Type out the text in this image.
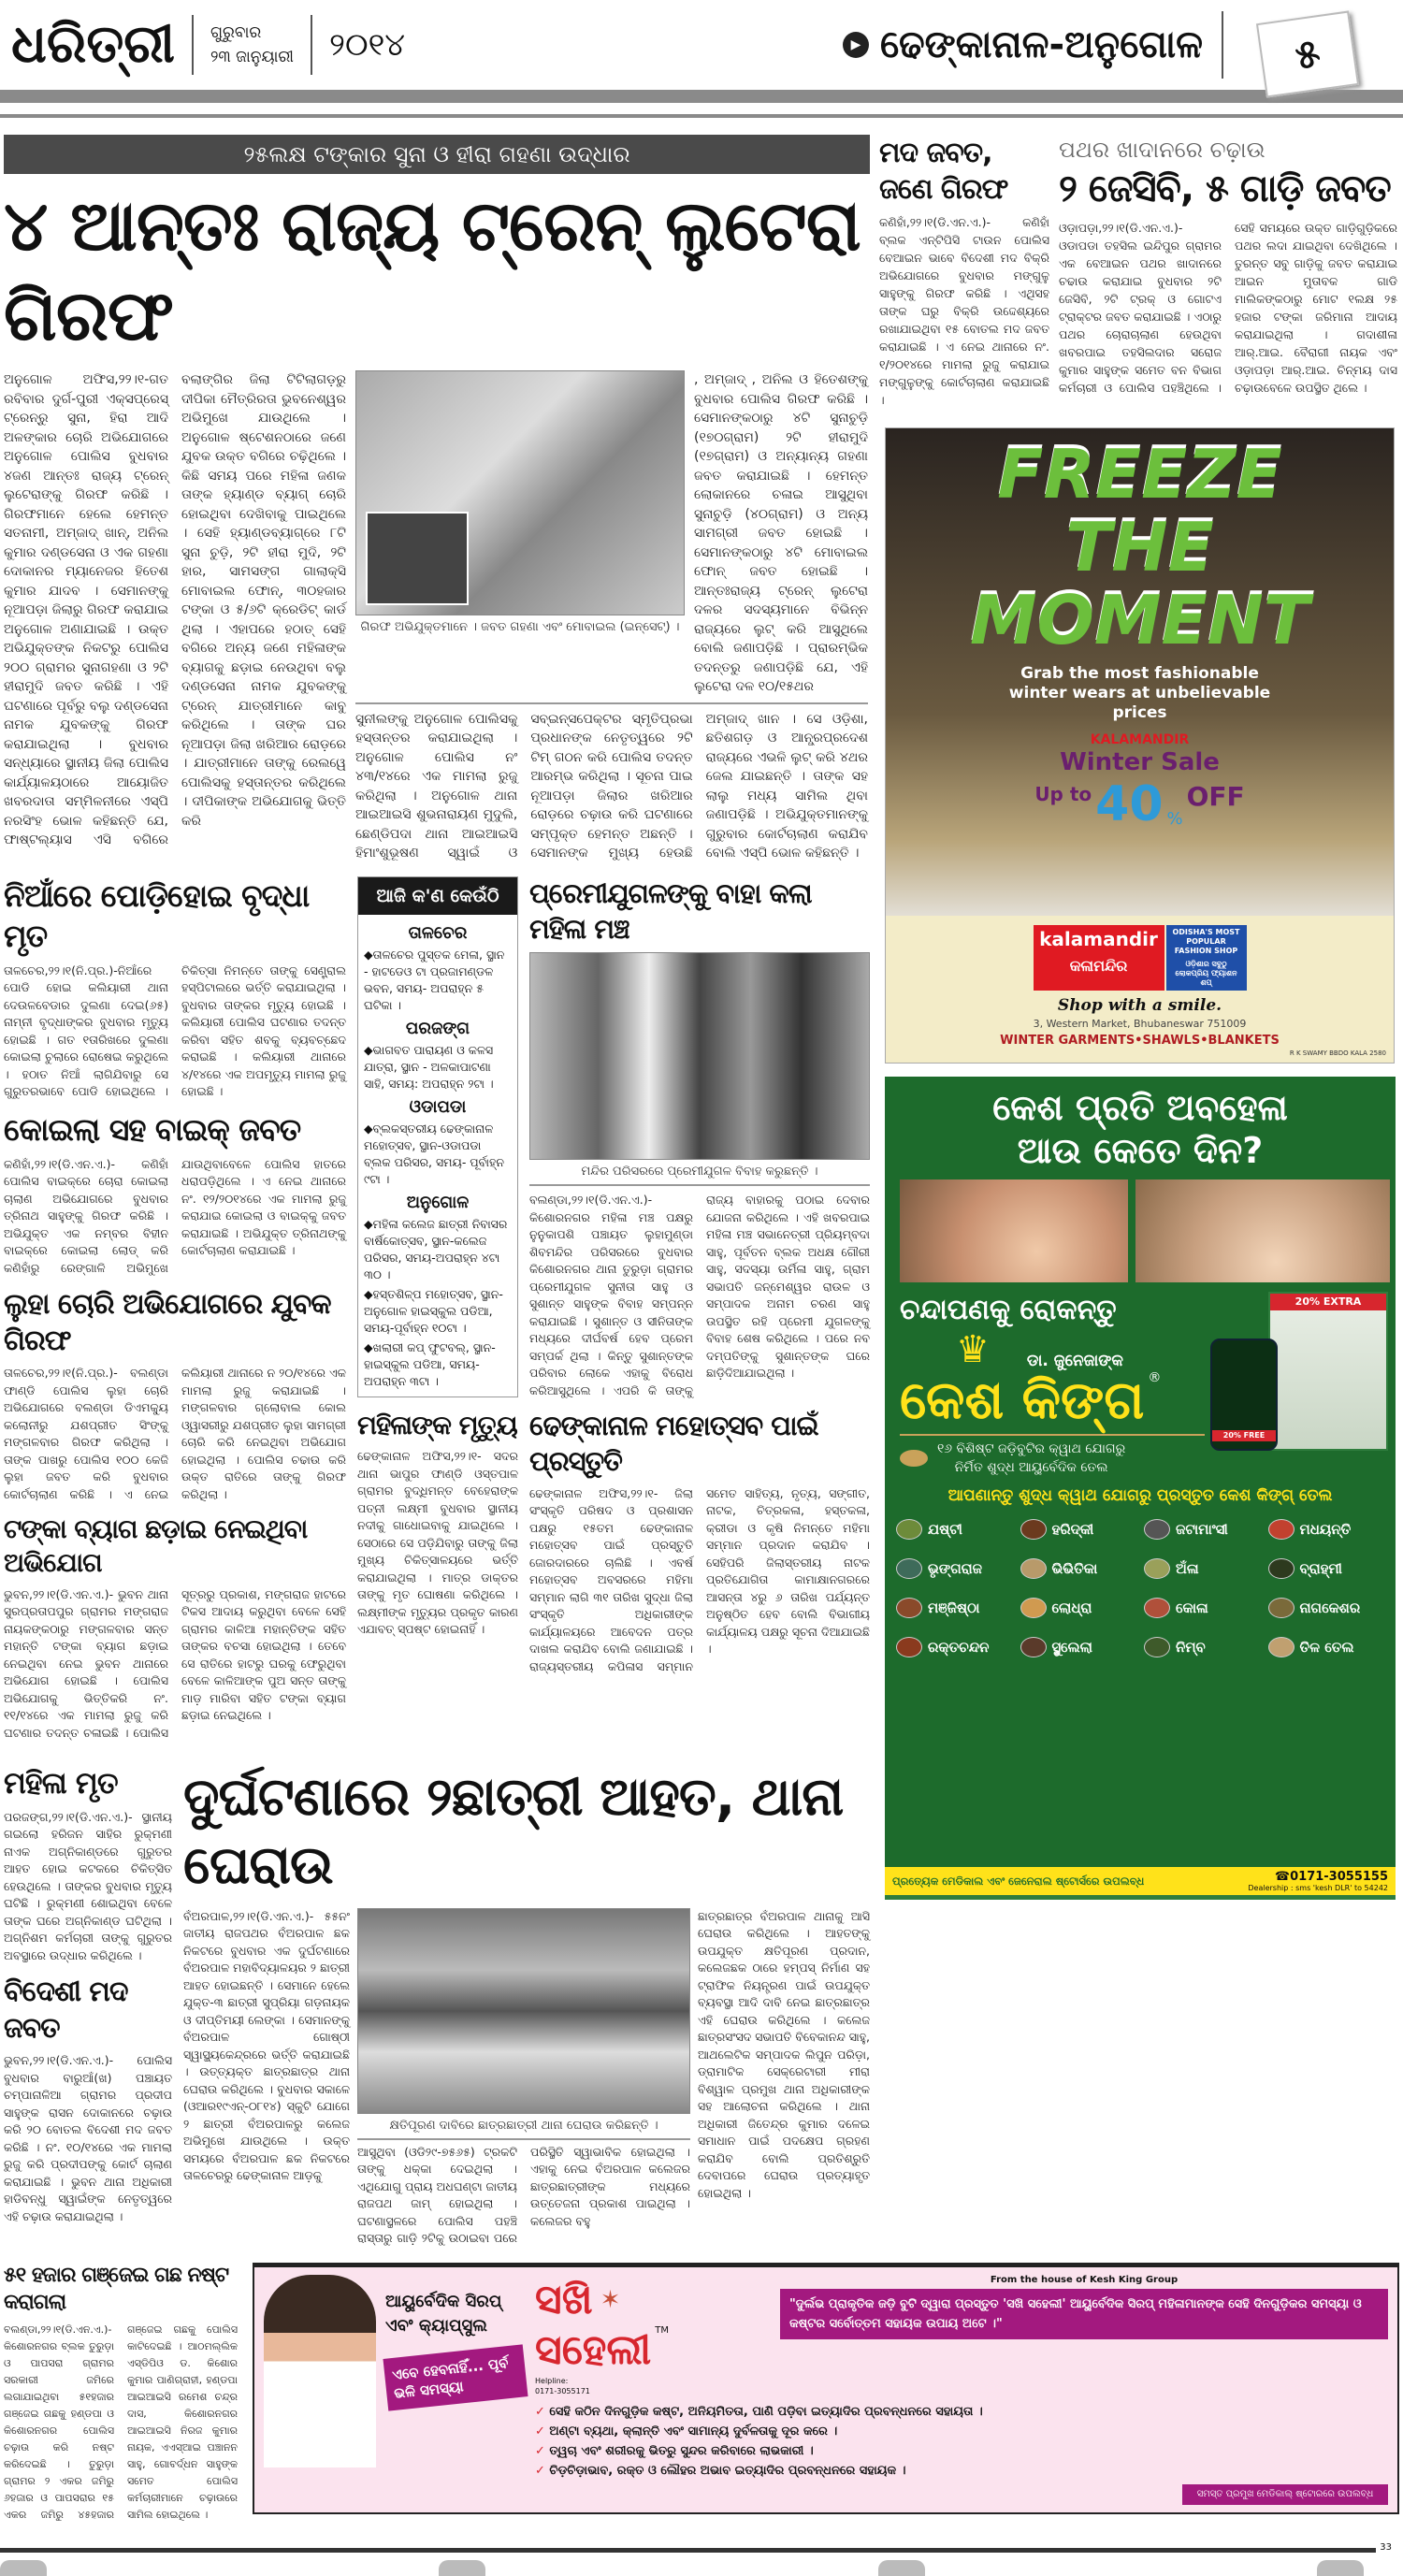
ଧରିତ୍ରୀ ଗୁରୁବାର
୨୩ ଜାନୁୟାରୀ ୨୦୧୪	▶ ଢେଙ୍କାନାଳ-ଅନୁଗୋଳ	୫
୨୫ଲକ୍ଷ ଟଙ୍କାର ସୁନା ଓ ହୀରା ଗହଣା ଉଦ୍ଧାର
୪ ଆନ୍ତଃ ରାଜ୍ୟ ଟ୍ରେନ୍ ଲୁଟେରା ଗିରଫ
ଅନୁଗୋଳ ଅଫିସ,୨୨।୧-ଗତ ରବିବାର ଦୁର୍ଗ-ପୁରୀ ଏକ୍ସପ୍ରେସ୍ ଟ୍ରେନ୍‌ରୁ ସୁନା, ହିରା ଆଦି ଅଳଙ୍କାର ଚୋରି ଅଭିଯୋଗରେ ଅନୁଗୋଳ ପୋଲିସ ବୁଧବାର ୪ଜଣ ଆନ୍ତଃ ରାଜ୍ୟ ଟ୍ରେନ୍ ଲୁଟେରାଙ୍କୁ ଗିରଫ କରିଛି । ଗିରଫମାନେ ହେଲେ ହେମନ୍ତ ସତନାମୀ, ଅମ୍‌ଜାଦ୍ ଖାନ୍, ଅନିଲ କୁମାର ଦଣ୍ଡସେନା ଓ ଏକ ଗହଣା ଦୋକାନର ମ୍ୟାନେଜର ହିତେଶ କୁମାର ଯାଦବ । ସେମାନଙ୍କୁ ନୂଆପଡ଼ା ଜିଲାରୁ ଗିରଫ କରାଯାଇ ଅନୁଗୋଳ ଅଣାଯାଇଛି । ଉକ୍ତ ଅଭିଯୁକ୍ତଙ୍କ ନିକଟରୁ ପୋଲିସ ୨୦୦ ଗ୍ରାମର ସୁନାଗହଣା ଓ ୨ଟି ହୀରାମୁଦି ଜବତ କରିଛି । ଏହି ଘଟଣାରେ ପୂର୍ବରୁ ବଲୁ ଦଣ୍ଡସେନା ନାମକ ଯୁବକଙ୍କୁ ଗିରଫ କରାଯାଇଥିଲା । ବୁଧବାର ସନ୍ଧ୍ୟାରେ ସ୍ଥାନୀୟ ଜିଲା ପୋଲିସ କାର୍ଯ୍ୟାଳୟଠାରେ ଆୟୋଜିତ ଖବରଦାତା ସମ୍ମିଳନୀରେ ଏସ୍‌ପି ନରସିଂହ ଭୋଳ କହିଛନ୍ତି ଯେ, ଫାଷ୍ଟଲ୍ୟାସ ଏସି ବଗିରେ ବଲାଙ୍ଗିର ଜିଲା ଟିଟିଲାଗଡ଼ରୁ ଦୀପିକା ମୈତ୍ରିରତା ଭୁବନେଶ୍ୱର ଅଭିମୁଖେ ଯାଉଥିଲେ । ଅନୁଗୋଳ ଷ୍ଟେଶନଠାରେ ଜଣେ ଯୁବକ ଉକ୍ତ ବଗିରେ ଚଢ଼ିଥିଲେ । କିଛି ସମୟ ପରେ ମହିଳା ଜଣକ ତାଙ୍କ ହ୍ୟାଣ୍ଡ ବ୍ୟାଗ୍ ଚୋରି ହୋଇଥିବା ଦେଖିବାକୁ ପାଇଥିଲେ । ସେହି ହ୍ୟାଣ୍ଡବ୍ୟାଗ୍‌ରେ ୮ଟି ସୁନା ଚୁଡ଼ି, ୨ଟି ହୀରା ମୁଦି, ୨ଟି ହାର, ସାମସଙ୍ଗ ଗାଲାକ୍ସି ମୋବାଇଲ ଫୋନ୍, ୩୦ହଜାର ଟଙ୍କା ଓ ୫/୬ଟି କ୍ରେଡିଟ୍ କାର୍ଡ ଥିଲା । ଏହାପରେ ହଠାତ୍ ସେହି ବଗିରେ ଅନ୍ୟ ଜଣେ ମହିଳାଙ୍କ ବ୍ୟାଗକୁ ଛଡ଼ାଇ ନେଉଥିବା ବଲୁ ଦଣ୍ଡସେନା ନାମକ ଯୁବକଙ୍କୁ ଟ୍ରେନ୍ ଯାତ୍ରୀମାନେ କାବୁ କରିଥିଲେ । ତାଙ୍କ ଘର ନୂଆପଡ଼ା ଜିଲା ଖରିଆର ରୋଡ଼ରେ । ଯାତ୍ରୀମାନେ ତାଙ୍କୁ ରେଲୱେ ପୋଲିସକୁ ହସ୍ତାନ୍ତର କରିଥିଲେ । ଦୀପିକାଙ୍କ ଅଭିଯୋଗକୁ ଭିତ୍ତି କରି
ଗିରଫ ଅଭିଯୁକ୍ତମାନେ । ଜବତ ଗହଣା ଏବଂ ମୋବାଇଲ (ଇନ୍‌ସେଟ୍) ।
, ଅମ୍‌ଜାଦ୍ , ଅନିଲ ଓ ହିତେଶଙ୍କୁ ବୁଧବାର ପୋଲିସ ଗିରଫ କରିଛି । ସେମାନଙ୍କଠାରୁ ୪ଟି ସୁନାଚୁଡ଼ି (୧୭୦ଗ୍ରାମ) ୨ଟି ହୀରାମୁଦି (୧୭ଗ୍ରାମ) ଓ ଅନ୍ୟାନ୍ୟ ଗହଣା ଜବତ କରାଯାଇଛି । ହେମନ୍ତ ଲୋକାନରେ ଚଳାଇ ଆସୁଥିବା ସୁନାଚୁଡ଼ି (୪୦ଗ୍ରାମ) ଓ ଅନ୍ୟ ସାମଗ୍ରୀ ଜବତ ହୋଇଛି । ସେମାନଙ୍କଠାରୁ ୪ଟି ମୋବାଇଲ ଫୋନ୍ ଜବତ ହୋଇଛି । ଆନ୍ତଃରାଜ୍ୟ ଟ୍ରେନ୍ ଲୁଟେରା ଦଳର ସଦସ୍ୟମାନେ ବିଭିନ୍ନ ରାଜ୍ୟରେ ଲୁଟ୍ କରି ଆସୁଥିଲେ ବୋଲି ଜଣାପଡ଼ିଛି । ପ୍ରାରମ୍ଭିକ ତଦନ୍ତରୁ ଜଣାପଡ଼ିଛି ଯେ, ଏହି ଲୁଟେରା ଦଳ ୧୦/୧୫ଥର
ସୁନୀଲଙ୍କୁ ଅନୁଗୋଳ ପୋଲିସକୁ ହସ୍ତାନ୍ତର କରାଯାଇଥିଲା । ଅନୁଗୋଳ ପୋଲିସ ନଂ ୪୩/୧୪ରେ ଏକ ମାମଲା ରୁଜୁ କରିଥିଲା । ଅନୁଗୋଳ ଥାନା ଆଇଆଇସି ଶୁଭନାରାୟଣ ମୁଦୁଲି, ଛେଣ୍ଡିପଦା ଥାନା ଆଇଆଇସି ହିମାଂଶୁଭୂଷଣ ସ୍ୱାଇଁ ଓ ସବ୍‌ଇନ୍ସପେକ୍ଟର ସ୍ମୃତିପ୍ରଭା ପ୍ରଧାନଙ୍କ ନେତୃତ୍ୱରେ ୨ଟି ଟିମ୍ ଗଠନ କରି ପୋଲିସ ତଦନ୍ତ ଆରମ୍ଭ କରିଥିଲା । ସୂଚନା ପାଇ ନୂଆପଡ଼ା ଜିଲାର ଖରିଆର ରୋଡ଼ରେ ଚଢ଼ାଉ କରି ଘଟଣାରେ ସମ୍ପୃକ୍ତ ହେମନ୍ତ ଅଛନ୍ତି । ସେମାନଙ୍କ ମୁଖ୍ୟ ହେଉଛି ଅମ୍‌ଜାଦ୍ ଖାନ । ସେ ଓଡ଼ିଶା, ଛତିଶଗଡ଼ ଓ ଆନ୍ଧ୍ରପ୍ରଦେଶ ରାଜ୍ୟରେ ଏଭଳି ଲୁଟ୍ କରି ୪ଥର ଜେଲ ଯାଇଛନ୍ତି । ତାଙ୍କ ସହ ଲାଲୁ ମଧ୍ୟ ସାମିଲ ଥିବା ଜଣାପଡ଼ିଛି । ଅଭିଯୁକ୍ତମାନଙ୍କୁ ଗୁରୁବାର କୋର୍ଟଚାଲାଣ କରାଯିବ ବୋଲି ଏସ୍‌ପି ଭୋଳ କହିଛନ୍ତି ।
ନିଆଁରେ ପୋଡ଼ିହୋଇ ବୃଦ୍ଧା ମୃତ
ତାଳଚେର,୨୨।୧(ନି.ପ୍ର.)-ନିଆଁରେ ପୋଡି ହୋଇ କଲିୟାରୀ ଥାନା ଦେଉଳବେଡାର ଦୁଲଣା ଦେଇ(୬୫) ନାମ୍ନୀ ବୃଦ୍ଧାଙ୍କର ବୁଧବାର ମୃତ୍ୟୁ ହୋଇଛି । ଗତ ୧ତାରିଖରେ ଦୁଲଣା କୋଇଲା ଚୁଲାରେ ରୋଷେଇ କରୁଥିଲେ । ହଠାତ ନିଆଁ ଲାଗିଯିବାରୁ ସେ ଗୁରୁତରଭାବେ ପୋଡି ହୋଇଥିଲେ । ଚିକିତ୍ସା ନିମନ୍ତେ ତାଙ୍କୁ ସେଣ୍ଟ୍ରାଲ ହସ୍ପିଟାଲରେ ଭର୍ତ୍ତି କରାଯାଇଥିଲା । ବୁଧବାର ତାଙ୍କର ମୃତ୍ୟୁ ହୋଇଛି । କଲିୟାରୀ ପୋଲିସ ଘଟଣାର ତଦନ୍ତ କରିବା ସହିତ ଶବକୁ ବ୍ୟବଚ୍ଛେଦ କରାଇଛି । କଲିୟାରୀ ଥାନାରେ ୪/୧୪ରେ ଏକ ଅପମୃତ୍ୟୁ ମାମଲା ରୁଜୁ ହୋଇଛି ।
କୋଇଲା ସହ ବାଇକ୍ ଜବତ
କଣିହାଁ,୨୨।୧(ଡି.ଏନ.ଏ.)- କଣିହାଁ ପୋଲିସ ବାଇକ୍‌ରେ ଚୋରା କୋଇଲା ଚାଲାଣ ଅଭିଯୋଗରେ ବୁଧବାର ତ୍ରିନାଥ ସାହୁଙ୍କୁ ଗିରଫ କରିଛି । ଅଭିଯୁକ୍ତ ଏକ ନମ୍ବର ବିହୀନ ବାଇକ୍‌ରେ କୋଇଲା ଲୋଡ୍ କରି କଣିହାଁରୁ ରେଙ୍ଗାଳି ଅଭିମୁଖେ ଯାଉଥିବାବେଳେ ପୋଲିସ ହାତରେ ଧରାପଡ଼ିଥିଲେ । ଏ ନେଇ ଥାନାରେ ନଂ. ୧୨/୨୦୧୪ରେ ଏକ ମାମଲା ରୁଜୁ କରାଯାଇ କୋଇଲା ଓ ବାଇକ୍‌କୁ ଜବତ କରାଯାଇଛି । ଅଭିଯୁକ୍ତ ତ୍ରିନାଥଙ୍କୁ କୋର୍ଟଚାଲାଣ କରାଯାଇଛି ।
ଲୁହା ଚୋରି ଅଭିଯୋଗରେ ଯୁବକ ଗିରଫ
ତାଳଚେର,୨୨।୧(ନି.ପ୍ର.)- ବଲଣ୍ଡା ଫାଣ୍ଡି ପୋଲିସ ଲୁହା ଚୋରି ଅଭିଯୋଗରେ ବଲଣ୍ଡା ଡିଏମକ୍ୟୁ କଲୋନୀରୁ ଯଶପ୍ରୀତ ସିଂଙ୍କୁ ମଙ୍ଗଳବାର ଗିରଫ କରିଥିଲା । ତାଙ୍କ ପାଖରୁ ପୋଲିସ ୧୦୦ କେଜି ଲୁହା ଜବତ କରି ବୁଧବାର କୋର୍ଟଚାଲାଣ କରିଛି । ଏ ନେଇ କଲିୟାରୀ ଥାନାରେ ନ ୨୦/୧୪ରେ ଏକ ମାମଲା ରୁଜୁ କରାଯାଇଛି । ମଙ୍ଗଳବାର ଗ୍ଲୋବାଲ କୋଲ ଓ୍ୱାସରୀରୁ ଯଶପ୍ରୀତ ଲୁହା ସାମଗ୍ରୀ ଚୋରି କରି ନେଇଥିବା ଅଭିଯୋଗ ହୋଇଥିଲା । ପୋଲିସ ଚଢାଉ କରି ଉକ୍ତ ରାତିରେ ତାଙ୍କୁ ଗିରଫ କରିଥିଲା ।
ଟଙ୍କା ବ୍ୟାଗ ଛଡ଼ାଇ ନେଇଥିବା ଅଭିଯୋଗ
ଭୁବନ,୨୨।୧(ଡି.ଏନ.ଏ.)- ଭୁବନ ଥାନା ସୁରପ୍ରତାପପୁର ଗ୍ରାମର ମଙ୍ଗରାଜ ନାୟକଙ୍କଠାରୁ ମଙ୍ଗଳବାର ସନ୍ତ ମହାନ୍ତି ଟଙ୍କା ବ୍ୟାଗ ଛଡ଼ାଇ ନେଇଥିବା ନେଇ ଭୁବନ ଥାନାରେ ଅଭିଯୋଗ ହୋଇଛି । ପୋଲିସ ଅଭିଯୋଗକୁ ଭିତ୍ତିକରି ନଂ. ୧୧/୧୪ରେ ଏକ ମାମଲା ରୁଜୁ କରି ଘଟଣାର ତଦନ୍ତ ଚଳାଇଛି । ପୋଲିସ ସୂତ୍ରରୁ ପ୍ରକାଶ, ମଙ୍ଗରାଜ ହାଟରେ ଟିକସ ଆଦାୟ କରୁଥିବା ବେଳେ ସେହି ଗ୍ରାମର କାଳିଆ ମହାନ୍ତିଙ୍କ ସହିତ ତାଙ୍କର ବଚସା ହୋଇଥିଲା । ତେବେ ସେ ରାତିରେ ହାଟରୁ ଘରକୁ ଫେରୁଥିବା ବେଳେ କାଳିଆଙ୍କ ପୁଅ ସନ୍ତ ତାଙ୍କୁ ମାଡ଼ ମାରିବା ସହିତ ଟଙ୍କା ବ୍ୟାଗ ଛଡ଼ାଇ ନେଇଥିଲେ ।
ଆଜି କ'ଣ କେଉଁଠି
ତାଳଚେର
◆ତାଳଚେର ପୁସ୍ତକ ମେଳା, ସ୍ଥାନ - ହାଟଡେଓ ଟା ପ୍ରଜାମଣ୍ଡଳ ଭବନ, ସମୟ- ଅପରାହ୍ନ ୫ ଘଟିକା ।
ପରଜଙ୍ଗ
◆ଭାଗବତ ପାରାୟଣ ଓ କଳସ ଯାତ୍ରା, ସ୍ଥାନ - ଅଳକାପାଟଣା ସାହି, ସମୟ: ଅପରାହ୍ନ ୨ଟା ।
ଓଡାପଡା
◆ବ୍ଲକସ୍ତରୀୟ ଢେଙ୍କାନାଳ ମହୋତ୍ସବ, ସ୍ଥାନ-ଓଡାପଡା ବ୍ଲକ ପରିସର, ସମୟ- ପୂର୍ବାହ୍ନ ୯ଟା ।
ଅନୁଗୋଳ
◆ମହିଳା କଲେଜ ଛାତ୍ରୀ ନିବାସର ବାର୍ଷିକୋତ୍ସବ, ସ୍ଥାନ-କଲେଜ ପରିସର, ସମୟ-ଅପରାହ୍ନ ୪ଟା ୩୦ ।
◆ହସ୍ତଶିଳ୍ପ ମହୋତ୍ସବ, ସ୍ଥାନ- ଅନୁଗୋଳ ହାଇସ୍କୁଲ ପଡିଆ, ସମୟ-ପୂର୍ବାହ୍ନ ୧୦ଟା ।
◆ଖଲାରୀ କପ୍ ଫୁଟବଲ୍, ସ୍ଥାନ-ହାଇସ୍କୁଲ ପଡିଆ, ସମୟ-ଅପରାହ୍ନ ୩ଟା ।
ମହିଳାଙ୍କ ମୃତ୍ୟୁ
ଢେଙ୍କାନାଳ ଅଫିସ,୨୨।୧- ସଦର ଥାନା ଭାପୁର ଫାଣ୍ଡି ଓସ୍ତପାଳ ଗ୍ରାମର ବୁଦ୍ଧିମନ୍ତ ବେହେରାଙ୍କ ପତ୍ନୀ ଲକ୍ଷ୍ମୀ ବୁଧବାର ସ୍ଥାନୀୟ ନଦୀକୁ ଗାଧୋଇବାକୁ ଯାଇଥିଲେ । ସେଠାରେ ସେ ପଡ଼ିଯିବାରୁ ତାଙ୍କୁ ଜିଲା ମୁଖ୍ୟ ଚିକିତ୍ସାଳୟରେ ଭର୍ତ୍ତି କରାଯାଇଥିଲା । ମାତ୍ର ଡାକ୍ତର ତାଙ୍କୁ ମୃତ ଘୋଷଣା କରିଥିଲେ । ଲକ୍ଷ୍ମୀଙ୍କ ମୃତ୍ୟୁର ପ୍ରକୃତ କାରଣ ଏଯାବତ୍ ସ୍ପଷ୍ଟ ହୋଇନାହିଁ ।
ପ୍ରେମୀଯୁଗଳଙ୍କୁ ବାହା କଲା ମହିଳା ମଞ୍ଚ
ମନ୍ଦିର ପରିସରରେ ପ୍ରେମୀଯୁଗଳ ବିବାହ କରୁଛନ୍ତି ।
ବଲଣ୍ଡା,୨୨।୧(ଡି.ଏନ.ଏ.)- କିଶୋରନଗର ମହିଳା ମଞ୍ଚ ପକ୍ଷରୁ ନୁନୁକାପଶି ପଞ୍ଚାୟତ ଲୁହାମୁଣ୍ଡା ଶିବମନ୍ଦିର ପରିସରରେ ବୁଧବାର କିଶୋରନଗର ଥାନା ତୁରୁଡ଼ା ଗ୍ରାମର ପ୍ରେମୀଯୁଗଳ ସୁନୀତା ସାହୁ ଓ ସୁଶାନ୍ତ ସାହୁଙ୍କ ବିବାହ ସମ୍ପନ୍ନ କରାଯାଇଛି । ସୁଶାନ୍ତ ଓ ସୀନିତାଙ୍କ ମଧ୍ୟରେ ଦୀର୍ଘବର୍ଷ ହେବ ପ୍ରେମ ସମ୍ପର୍କ ଥିଲା । କିନ୍ତୁ ସୁଶାନ୍ତଙ୍କ ପରିବାର ଲୋକେ ଏହାକୁ ବିରୋଧ କରିଆସୁଥିଲେ । ଏପରି କି ତାଙ୍କୁ ରାଜ୍ୟ ବାହାରକୁ ପଠାଇ ଦେବାର ଯୋଜନା କରିଥିଲେ । ଏହି ଖବରପାଇ ମହିଳା ମଞ୍ଚ ସଭାନେତ୍ରୀ ପ୍ରିୟମ୍ବଦା ସାହୁ, ପୂର୍ବତନ ବ୍ଲକ ଅଧକ୍ଷ ଗୌରୀ ସାହୁ, ସଦସ୍ୟା ଉର୍ମିଳା ସାହୁ, ଗ୍ରାମ ସଭାପତି ଜନ୍ମେଶ୍ୱର ରାଉଳ ଓ ସମ୍ପାଦକ ଅନାମ ଚରଣ ସାହୁ ଉପସ୍ଥିତ ରହି ପ୍ରେମୀ ଯୁଗଳଙ୍କୁ ବିବାହ ଶେଷ କରିଥିଲେ । ପରେ ନବ ଦମ୍ପତିଙ୍କୁ ସୁଶାନ୍ତଙ୍କ ଘରେ ଛାଡ଼ିଦିଆଯାଇଥିଲା ।
ଢେଙ୍କାନାଳ ମହୋତ୍ସବ ପାଇଁ ପ୍ରସ୍ତୁତି
ଢେଙ୍କାନାଳ ଅଫିସ,୨୨।୧- ଜିଲା ସଂସ୍କୃତି ପରିଷଦ ଓ ପ୍ରଶାସନ ପକ୍ଷରୁ ୧୫ତମ ଢେଙ୍କାନାଳ ମହୋତ୍ସବ ପାଇଁ ପ୍ରସ୍ତୁତି ଜୋରଦାରରେ ଚାଲିଛି । ଏବର୍ଷ ମହୋତ୍ସବ ଅବସରରେ ମହିମା ସମ୍ମାନ ଲାଗି ୩୧ ତାରିଖ ସୁଦ୍ଧା ଜିଲା ସଂସ୍କୃତି ଅଧିକାରୀଙ୍କ କାର୍ଯ୍ୟାଳୟରେ ଆବେଦନ ପତ୍ର ଦାଖଲ କରାଯିବ ବୋଲି ଜଣାଯାଇଛି । ରାଜ୍ୟସ୍ତରୀୟ କପିଳାସ ସମ୍ମାନ ସମେତ ସାହିତ୍ୟ, ନୃତ୍ୟ, ସଙ୍ଗୀତ, ନାଟକ, ଚିତ୍ରକଳା, ହସ୍ତକଳା, କ୍ରୀଡା ଓ କୃଷି ନିମନ୍ତେ ମହିମା ସମ୍ମାନ ପ୍ରଦାନ କରାଯିବ । ସେହିପରି ଜିଲାସ୍ତରୀୟ ନାଟକ ପ୍ରତିଯୋଗିତା କାମାକ୍ଷାନଗରରେ ଆସନ୍ତା ୪ରୁ ୬ ତାରିଖ ପର୍ଯ୍ୟନ୍ତ ଅନୁଷ୍ଠିତ ହେବ ବୋଲି ବିଭାଗୀୟ କାର୍ଯ୍ୟାଳୟ ପକ୍ଷରୁ ସୂଚନା ଦିଆଯାଇଛି ।
ମହିଳା ମୃତ
ପରଜଙ୍ଗ,୨୨।୧(ଡି.ଏନ.ଏ.)- ସ୍ଥାନୀୟ ଗଇଲୋ ହରିଜନ ସାହିର ରୁକ୍ମଣୀ ନାଏକ ଅଗ୍ନିକାଣ୍ଡରେ ଗୁରୁତର ଆହତ ହୋଇ କଟକରେ ଚିକିତ୍ସିତ ହେଉଥିଲେ । ତାଙ୍କର ବୁଧବାର ମୃତ୍ୟୁ ଘଟିଛି । ରୁକ୍ମଣୀ ଶୋଇଥିବା ବେଳେ ତାଙ୍କ ଘରେ ଅଗ୍ନିକାଣ୍ଡ ଘଟିଥିଲା । ଅଗ୍ନିଶମ କର୍ମଚାରୀ ତାଙ୍କୁ ଗୁରୁତର ଅବସ୍ଥାରେ ଉଦ୍ଧାର କରିଥିଲେ ।
ବିଦେଶୀ ମଦ ଜବତ
ଭୁବନ,୨୨।୧(ଡି.ଏନ.ଏ.)- ପୋଲିସ ବୁଧବାର ବାରୁଆଁ(ଖ) ପଞ୍ଚାୟତ ଚମ୍ପାନାଳିଆ ଗ୍ରାମର ପ୍ରଦୀପ ସାହୁଙ୍କ ରାସନ ଦୋକାନରେ ଚଢ଼ାଉ କରି ୨୦ ବୋତଲ ବିଦେଶୀ ମଦ ଜବତ କରିଛି । ନଂ. ୧୦/୧୪ରେ ଏକ ମାମଲା ରୁଜୁ କରି ପ୍ରଦୀପଙ୍କୁ କୋର୍ଟ ଚାଲାଣ କରାଯାଇଛି । ଭୁବନ ଥାନା ଅଧିକାରୀ ହାଡିବନ୍ଧୁ ସ୍ୱାଇଁଙ୍କ ନେତୃତ୍ୱରେ ଏହି ଚଢ଼ାଉ କରାଯାଇଥିଲା ।
ଦୁର୍ଘଟଣାରେ ୨ଛାତ୍ରୀ ଆହତ, ଥାନା ଘେରାଉ
ବଁଅରପାଳ,୨୨।୧(ଡି.ଏନ.ଏ.)- ୫୫ନଂ ଜାତୀୟ ରାଜପଥର ବଁଅରପାଳ ଛକ ନିକଟରେ ବୁଧବାର ଏକ ଦୁର୍ଘଟଣାରେ ବଁଅରପାଳ ମହାବିଦ୍ୟାଳୟର ୨ ଛାତ୍ରୀ ଆହତ ହୋଇଛନ୍ତି । ସେମାନେ ହେଲେ ଯୁକ୍ତ-୩ ଛାତ୍ରୀ ସୁପ୍ରିୟା ଗଡ଼ନାୟକ ଓ ଦୀପ୍ତିମୟୀ ଲେଙ୍କା । ସେମାନଙ୍କୁ ବଁଅରପାଳ ଗୋଷ୍ଠୀ ସ୍ୱାସ୍ଥ୍ୟକେନ୍ଦ୍ରରେ ଭର୍ତ୍ତି କରାଯାଇଛି । ଉତ୍ତ୍ୟକ୍ତ ଛାତ୍ରଛାତ୍ର ଥାନା ଘେରାଉ କରିଥିଲେ । ବୁଧବାର ସକାଳେ (ଓଆର୧୯ଏନ୍-୦୮୧୪) ସ୍କୁଟି ଯୋଗେ ୨ ଛାତ୍ରୀ ବଁଅରପାଳରୁ କଲେଜ ଅଭିମୁଖେ ଯାଉଥିଲେ । ଉକ୍ତ ସମୟରେ ବଁଅରପାଳ ଛକ ନିକଟରେ ତାଳଚେରରୁ ଢେଙ୍କାନାଳ ଆଡ଼କୁ
କ୍ଷତିପୂରଣ ଦାବିରେ ଛାତ୍ରଛାତ୍ରୀ ଥାନା ଘେରାଉ କରିଛନ୍ତି ।
ଆସୁଥିବା (ଓଡି୨୯-୭୫୬୫) ଟ୍ରକଟି ତାଙ୍କୁ ଧକ୍କା ଦେଇଥିଲା । ଏଥିଯୋଗୁ ପ୍ରାୟ ଅଧଘଣ୍ଟା ଜାତୀୟ ରାଜପଥ ଜାମ୍ ହୋଇଥିଲା । ଘଟଣାସ୍ଥଳରେ ପୋଲିସ ପହଞ୍ଚି ରାସ୍ତାରୁ ଗାଡ଼ି ୨ଟିକୁ ଉଠାଇବା ପରେ ପରିସ୍ଥିତି ସ୍ୱାଭାବିକ ହୋଇଥିଲା । ଏହାକୁ ନେଇ ବଁଅରପାଳ କଲେଜର ଛାତ୍ରଛାତ୍ରୀଙ୍କ ମଧ୍ୟରେ ଉତ୍ତେଜନା ପ୍ରକାଶ ପାଇଥିଲା । କଲେଜର ବହୁ
ଛାତ୍ରଛାତ୍ର ବଁଅରପାଳ ଥାନାକୁ ଆସି ଘେରାଉ କରିଥିଲେ । ଆହତଙ୍କୁ ଉପଯୁକ୍ତ କ୍ଷତିପୂରଣ ପ୍ରଦାନ, କଲେଜଛକ ଠାରେ ହମ୍ପସ୍ ନିର୍ମାଣ ସହ ଟ୍ରାଫିକ ନିୟନ୍ତ୍ରଣ ପାଇଁ ଉପଯୁକ୍ତ ବ୍ୟବସ୍ଥା ଆଦି ଦାବି ନେଇ ଛାତ୍ରଛାତ୍ର ଏହି ଘେରାଉ କରିଥିଲେ । କଲେଜ ଛାତ୍ରସଂସଦ ସଭାପତି ବିବେକାନନ୍ଦ ସାହୁ, ଆଥଲେଟିକ ସମ୍ପାଦକ ଲିପୁନ ପରିଡ଼ା, ଡ୍ରାମାଟିକ ସେକ୍ରେଟାରୀ ମୀରା ବିଶ୍ୱାଳ ପ୍ରମୁଖ ଥାନା ଅଧିକାରୀଙ୍କ ସହ ଆଲୋଚନା କରିଥିଲେ । ଥାନା ଅଧିକାରୀ ଜିତେନ୍ଦ୍ର କୁମାର ଦଳେଇ ସମାଧାନ ପାଇଁ ପଦକ୍ଷେପ ଗ୍ରହଣ କରାଯିବ ବୋଲି ପ୍ରତିଶ୍ରୁତି ଦେବାପରେ ଘେରାଉ ପ୍ରତ୍ୟାହୃତ ହୋଇଥିଲା ।
ମଦ ଜବତ,
ଜଣେ ଗିରଫ
କଣିହାଁ,୨୨।୧(ଡି.ଏନ.ଏ.)- କଣିହାଁ ବ୍ଲକ ଏନ୍‌ଟିପିସି ଟାଉନ ପୋଲିସ ବେଆଇନ ଭାବେ ବିଦେଶୀ ମଦ ବିକ୍ରି ଅଭିଯୋଗରେ ବୁଧବାର ମଙ୍ଗୁଳୁ ସାହୁଙ୍କୁ ଗିରଫ କରିଛି । ଏଥିସହ ତାଙ୍କ ଘରୁ ବିକ୍ରି ଉଦ୍ଦେଶ୍ୟରେ ରଖାଯାଇଥିବା ୧୫ ବୋତଲ ମଦ ଜବତ କରାଯାଇଛି । ଏ ନେଇ ଥାନାରେ ନଂ. ୧/୨୦୧୪ରେ ମାମଲା ରୁଜୁ କରାଯାଇ ମଙ୍ଗୁଳୁଙ୍କୁ କୋର୍ଟଚାଲାଣ କରାଯାଇଛି ।
ପଥର ଖାଦାନରେ ଚଢ଼ାଉ
୨ ଜେସିବି, ୫ ଗାଡ଼ି ଜବତ
ଓଡ଼ାପଡ଼ା,୨୨।୧(ଡି.ଏନ.ଏ.)- ଓଡାପଡା ତହସିଲ ଇନ୍ଦିପୁର ଗ୍ରାମର ଏକ ବେଆଇନ ପଥର ଖାଦାନରେ ଚଢାଉ କରାଯାଇ ବୁଧବାର ୨ଟି ଜେସିବି, ୨ଟି ଟ୍ରକ୍ ଓ ଗୋଟଏ ଟ୍ରାକ୍ଟର ଜବତ କରାଯାଇଛି । ଏଠାରୁ ପଥର ଚୋରାଚାଲାଣ ହେଉଥିବା ଖବରପାଇ ତହସିଲଦାର ସରୋଜ କୁମାର ସାହୁଙ୍କ ସମେତ ବନ ବିଭାଗ କର୍ମଚାରୀ ଓ ପୋଲିସ ପହଞ୍ଚିଥିଲେ । ସେହି ସମୟରେ ଉକ୍ତ ଗାଡ଼ିଗୁଡ଼ିକରେ ପଥର ଲଦା ଯାଇଥିବା ଦେଖିଥିଲେ । ତୁରନ୍ତ ସବୁ ଗାଡ଼ିକୁ ଜବତ କରାଯାଇ ଆଇନ ମୁତାବକ ଗାଡି ମାଲିକଙ୍କଠାରୁ ମୋଟ ୧ଲକ୍ଷ ୨୫ ହଜାର ଟଙ୍କା ଜରିମାନା ଆଦାୟ କରାଯାଇଥିଲା । ଗଦାଶୀଳା ଆର୍.ଆଇ. ବୈରାଗୀ ନାୟକ ଏବଂ ଓଡ଼ାପଡ଼ା ଆର୍.ଆଇ. ଚିନ୍ମୟ ଦାସ ଚଢ଼ାଉବେଳେ ଉପସ୍ଥିତ ଥିଲେ ।
FREEZE
THE
MOMENT
Grab the most fashionable winter wears at unbelievable prices
KALAMANDIR
Winter Sale
Up to 40 %
OFF
kalamandir
କଳାମନ୍ଦିର
ODISHA'S MOST POPULAR FASHION SHOP
ଓଡ଼ିଶାର ସବୁଠୁ ଲୋକପ୍ରିୟ ଫ୍ୟାଶନ ଶପ୍
Shop with a smile.
3, Western Market, Bhubaneswar 751009
WINTER GARMENTS•SHAWLS•BLANKETS
R K SWAMY BBDO KALA 2580
କେଶ ପ୍ରତି ଅବହେଳା
ଆଉ କେତେ ଦିନ?
ଚନ୍ଦାପଣକୁ ରୋକନ୍ତୁ
♛ ଡା. ଜୁନେଜାଙ୍କ
କେଶ କିଙ୍ଗ ®
୧୬ ବିଶିଷ୍ଟ ଜଡ଼ିବୁଟିର କ୍ୱାଥ ଯୋଗରୁ
ନିର୍ମିତ ଶୁଦ୍ଧ ଆୟୁର୍ବେଦିକ ତେଲ
20% EXTRA
20% FREE
ଆପଣାନ୍ତୁ ଶୁଦ୍ଧ କ୍ୱାଥ ଯୋଗରୁ ପ୍ରସ୍ତୁତ କେଶ କିଙ୍ଗ୍ ତେଲ
ଯଷ୍ଟୀ	ହରିଦ୍‌କୀ	ଜଟାମାଂସୀ	ମଧୟନ୍ତି
ଭୃଙ୍ଗରାଜ	ଭିଭିତିକା	ଅଁଳା	ବ୍ରାହ୍ମୀ
ମଞ୍ଜିଷ୍ଠା	ଲୋଧ୍ରା	କୋଳା	ନାଗକେଶର
ରକ୍ତଚନ୍ଦନ	ସ୍ଥୁଲେଲା	ନିମ୍ବ	ତିଳ ତେଲ
ପ୍ରତ୍ୟେକ ମେଡିକାଲ ଏବଂ ଜେନେରାଲ ଷ୍ଟୋର୍ସରେ ଉପଲବ୍ଧ	☎0171-3055155
Dealership : sms 'kesh DLR' to 54242
୫୧ ହଜାର ଗଞ୍ଜେଇ ଗଛ ନଷ୍ଟ କରାଗଲା
ବଲଣ୍ଡା,୨୨।୧(ଡି.ଏନ.ଏ.)- କିଶୋରନଗର ବ୍ଲକ ତୁରୁଡ଼ା ଓ ପାପସରା ଗ୍ରାମର ସରକାରୀ ଜମିରେ ଲଗାଯାଇଥିବା ୫୧ହଜାର ଗଞ୍ଜେଇ ଗଛକୁ ହଣ୍ଡପା ଓ କିଶୋରନଗର ପୋଲିସ ଚଢ଼ାଉ କରି ନଷ୍ଟ କରିଦେଇଛି । ତୁରୁଡ଼ା ଗ୍ରାମର ୨ ଏକର ଜମିରୁ ୬ହଜାର ଓ ପାପସରାର ୧୫ ଏକର ଜମିରୁ ୪୫ହଜାର ଗଞ୍ଜେଇ ଗଛକୁ ପୋଲିସ କାଟିଦେଇଛି । ଆଠମଲ୍ଲିକ ଏସ୍‌ଡିପିଓ ଡ. କିଶୋର କୁମାର ପାଣିଗ୍ରାହୀ, ହଣ୍ଡପା ଆଇଆଇସି ରମେଶ ଚନ୍ଦ୍ର ଦାସ, କିଶୋରନଗର ଆଇଆଇସି ନିରଜ କୁମାର ନାୟକ, ଏଏସ୍‌ଆଇ ପଞ୍ଚାନନ ସାହୁ, ଗୋବର୍ଦ୍ଧନ ସାହୁଙ୍କ ସମେତ ପୋଲିସ କର୍ମଚାରୀମାନେ ଚଢ଼ାଉରେ ସାମିଲ ହୋଇଥିଲେ ।
ଆୟୁର୍ବେଦିକ ସିରପ୍ ଏବଂ କ୍ୟାପ୍‌ସୁଲ
ଏବେ ହେବନାହିଁ... ପୂର୍ବ ଭଳି ସମସ୍ୟା
ସଖି ✶
ସହେଲୀ TM
Helpline:
0171-3055171
From the house of Kesh King Group
"ଦୁର୍ଲଭ ପ୍ରାକୃତିକ ଜଡ଼ି ବୁଟି ଦ୍ୱାରା ପ୍ରସ୍ତୁତ 'ସଖି ସହେଲୀ' ଆୟୁର୍ବେଦିକ ସିରପ୍ ମହିଳାମାନଙ୍କ ସେହି ଦିନଗୁଡ଼ିକର ସମସ୍ୟା ଓ କଷ୍ଟର ସର୍ବୋତ୍ତମ ସହାୟକ ଉପାୟ ଅଟେ ।"
✓ ସେହି କଠିନ ଦିନଗୁଡ଼ିକ କଷ୍ଟ, ଅନିୟମିତତା, ପାଣି ପଡ଼ିବା ଇତ୍ୟାଦିର ପ୍ରବନ୍ଧନରେ ସହାୟତା ।
✓ ଅଣ୍ଟା ବ୍ୟଥା, କ୍ଲାନ୍ତି ଏବଂ ସାମାନ୍ୟ ଦୁର୍ବଳତାକୁ ଦୂର କରେ ।
✓ ତ୍ୱଚା ଏବଂ ଶରୀରକୁ ଭିତରୁ ସୁନ୍ଦର କରିବାରେ ଲାଭକାରୀ ।
✓ ଚିଡ଼ଚିଡ଼ାଭାବ, ରକ୍ତ ଓ ଲୌହର ଅଭାବ ଇତ୍ୟାଦିର ପ୍ରବନ୍ଧନରେ ସହାୟକ ।
ସମସ୍ତ ପ୍ରମୁଖ ମେଡିକାଲ୍ ଷ୍ଟୋରରେ ଉପଲବ୍ଧ
33
